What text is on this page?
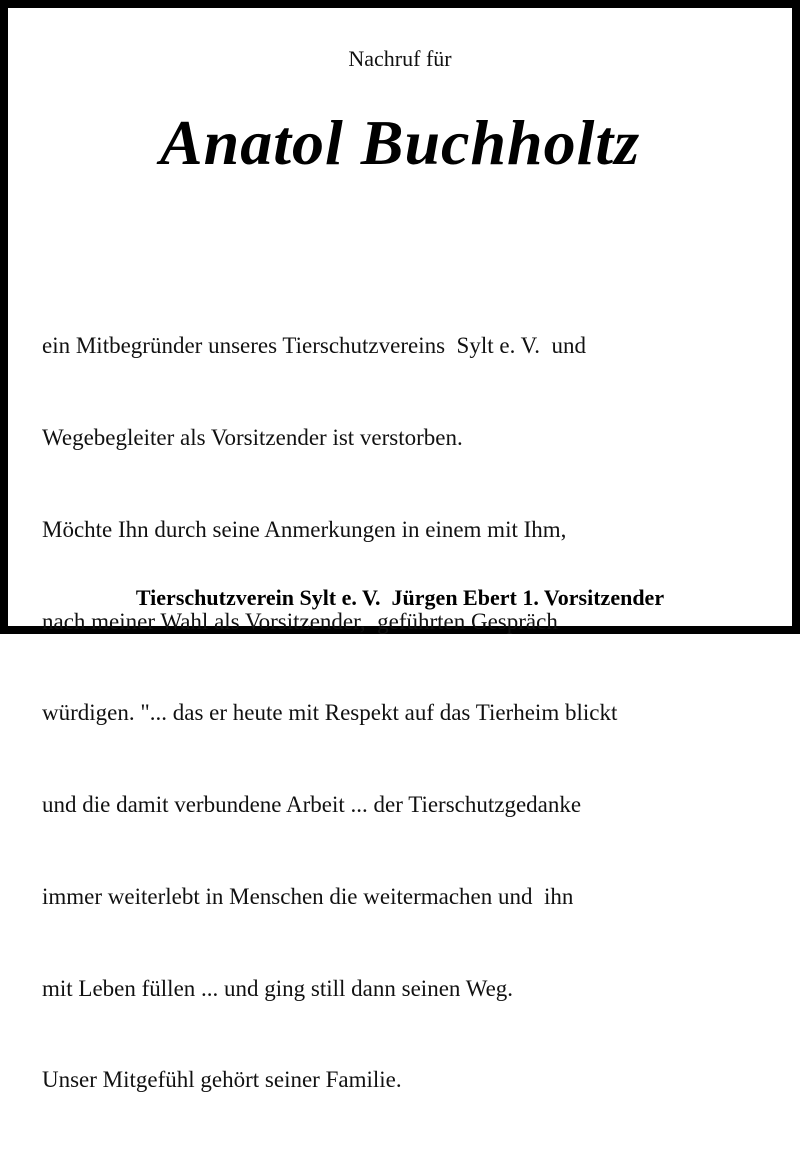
Nachruf für
Anatol Buchholtz

ein Mitbegründer unseres Tierschutzvereins  Sylt e. V.  und

Wegebegleiter als Vorsitzender ist verstorben.

Möchte Ihn durch seine Anmerkungen in einem mit Ihm,

nach meiner Wahl als Vorsitzender,  geführten Gespräch

würdigen. "... das er heute mit Respekt auf das Tierheim blickt

und die damit verbundene Arbeit ... der Tierschutzgedanke

immer weiterlebt in Menschen die weitermachen und  ihn

mit Leben füllen ... und ging still dann seinen Weg.

Unser Mitgefühl gehört seiner Familie.

Tierschutzverein Sylt e. V.  Jürgen Ebert 1. Vorsitzender
